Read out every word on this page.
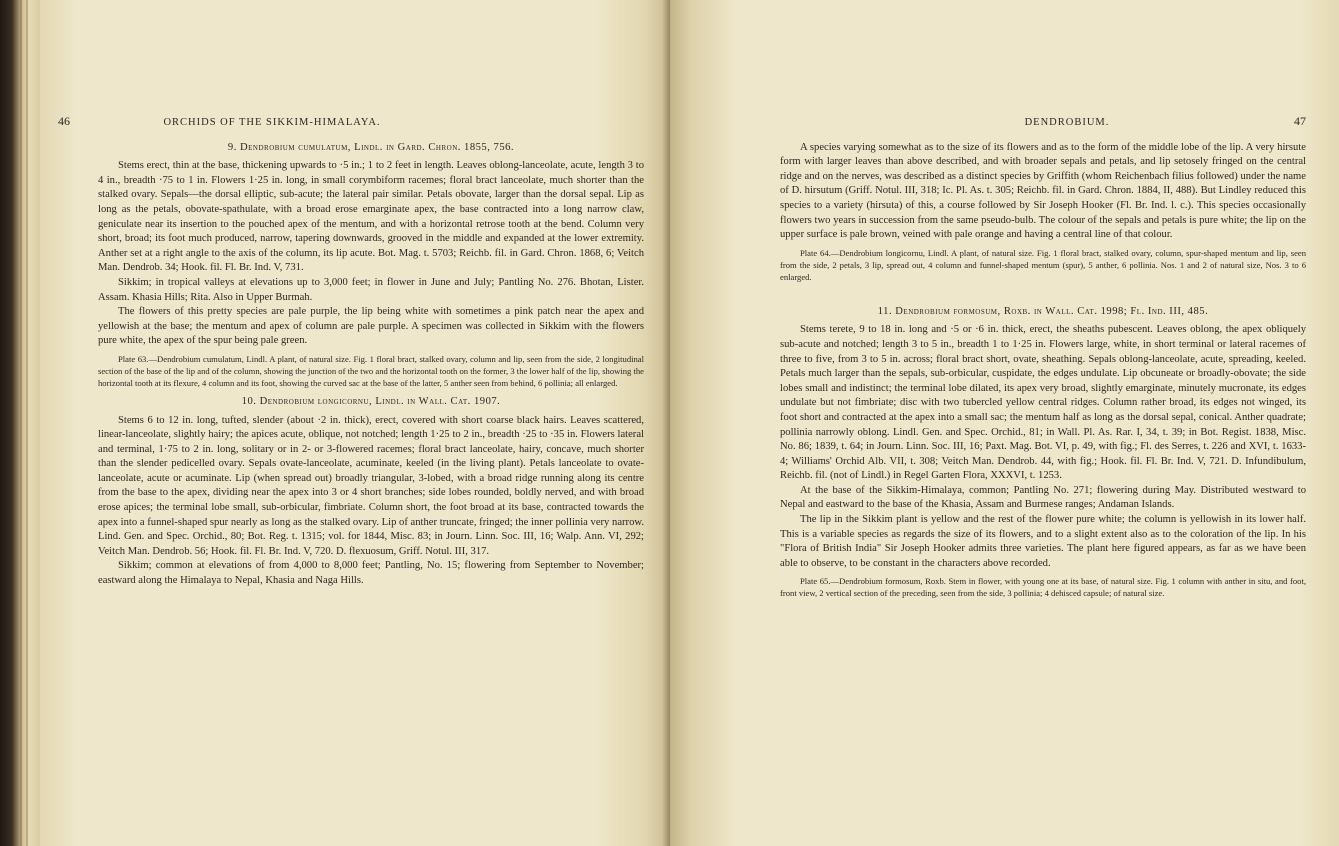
46	ORCHIDS OF THE SIKKIM-HIMALAYA.
9. Dendrobium cumulatum, Lindl. in Gard. Chron. 1855, 756.

Stems erect, thin at the base, thickening upwards to ·5 in.; 1 to 2 feet in length. Leaves oblong-lanceolate, acute, length 3 to 4 in., breadth ·75 to 1 in. Flowers 1·25 in. long, in small corymbiform racemes; floral bract lanceolate, much shorter than the stalked ovary. Sepals—the dorsal elliptic, sub-acute; the lateral pair similar. Petals obovate, larger than the dorsal sepal. Lip as long as the petals, obovate-spathulate, with a broad erose emarginate apex, the base contracted into a long narrow claw, geniculate near its insertion to the pouched apex of the mentum, and with a horizontal retrose tooth at the bend. Column very short, broad; its foot much produced, narrow, tapering downwards, grooved in the middle and expanded at the lower extremity. Anther set at a right angle to the axis of the column, its lip acute. Bot. Mag. t. 5703; Reichb. fil. in Gard. Chron. 1868, 6; Veitch Man. Dendrob. 34; Hook. fil. Fl. Br. Ind. V, 731.

Sikkim; in tropical valleys at elevations up to 3,000 feet; in flower in June and July; Pantling No. 276. Bhotan, Lister. Assam. Khasia Hills; Rita. Also in Upper Burmah.

The flowers of this pretty species are pale purple, the lip being white with sometimes a pink patch near the apex and yellowish at the base; the mentum and apex of column are pale purple. A specimen was collected in Sikkim with the flowers pure white, the apex of the spur being pale green.

Plate 63.—Dendrobium cumulatum, Lindl. A plant, of natural size. Fig. 1 floral bract, stalked ovary, column and lip, seen from the side, 2 longitudinal section of the base of the lip and of the column, showing the junction of the two and the horizontal tooth on the former, 3 the lower half of the lip, showing the horizontal tooth at its flexure, 4 column and its foot, showing the curved sac at the base of the latter, 5 anther seen from behind, 6 pollinia; all enlarged.
10. Dendrobium longicornu, Lindl. in Wall. Cat. 1907.

Stems 6 to 12 in. long, tufted, slender (about ·2 in. thick), erect, covered with short coarse black hairs. Leaves scattered, linear-lanceolate, slightly hairy; the apices acute, oblique, not notched; length 1·25 to 2 in., breadth ·25 to ·35 in. Flowers lateral and terminal, 1·75 to 2 in. long, solitary or in 2- or 3-flowered racemes; floral bract lanceolate, hairy, concave, much shorter than the slender pedicelled ovary. Sepals ovate-lanceolate, acuminate, keeled (in the living plant). Petals lanceolate to ovate-lanceolate, acute or acuminate. Lip (when spread out) broadly triangular, 3-lobed, with a broad ridge running along its centre from the base to the apex, dividing near the apex into 3 or 4 short branches; side lobes rounded, boldly nerved, and with broad erose apices; the terminal lobe small, sub-orbicular, fimbriate. Column short, the foot broad at its base, contracted towards the apex into a funnel-shaped spur nearly as long as the stalked ovary. Lip of anther truncate, fringed; the inner pollinia very narrow. Lind. Gen. and Spec. Orchid., 80; Bot. Reg. t. 1315; vol. for 1844, Misc. 83; in Journ. Linn. Soc. III, 16; Walp. Ann. VI, 292; Veitch Man. Dendrob. 56; Hook. fil. Fl. Br. Ind. V, 720. D. flexuosum, Griff. Notul. III, 317.

Sikkim; common at elevations of from 4,000 to 8,000 feet; Pantling, No. 15; flowering from September to November; eastward along the Himalaya to Nepal, Khasia and Naga Hills.

DENDROBIUM.	47

A species varying somewhat as to the size of its flowers and as to the form of the middle lobe of the lip. A very hirsute form with larger leaves than above described, and with broader sepals and petals, and lip setosely fringed on the central ridge and on the nerves, was described as a distinct species by Griffith (whom Reichenbach filius followed) under the name of D. hirsutum (Griff. Notul. III, 318; Ic. Pl. As. t. 305; Reichb. fil. in Gard. Chron. 1884, II, 488). But Lindley reduced this species to a variety (hirsuta) of this, a course followed by Sir Joseph Hooker (Fl. Br. Ind. l. c.). This species occasionally flowers two years in succession from the same pseudo-bulb. The colour of the sepals and petals is pure white; the lip on the upper surface is pale brown, veined with pale orange and having a central line of that colour.

Plate 64.—Dendrobium longicornu, Lindl. A plant, of natural size. Fig. 1 floral bract, stalked ovary, column, spur-shaped mentum and lip, seen from the side, 2 petals, 3 lip, spread out, 4 column and funnel-shaped mentum (spur), 5 anther, 6 pollinia. Nos. 1 and 2 of natural size, Nos. 3 to 6 enlarged.
11. Dendrobium formosum, Roxb. in Wall. Cat. 1998; Fl. Ind. III, 485.

Stems terete, 9 to 18 in. long and ·5 or ·6 in. thick, erect, the sheaths pubescent. Leaves oblong, the apex obliquely sub-acute and notched; length 3 to 5 in., breadth 1 to 1·25 in. Flowers large, white, in short terminal or lateral racemes of three to five, from 3 to 5 in. across; floral bract short, ovate, sheathing. Sepals oblong-lanceolate, acute, spreading, keeled. Petals much larger than the sepals, sub-orbicular, cuspidate, the edges undulate. Lip obcuneate or broadly-obovate; the side lobes small and indistinct; the terminal lobe dilated, its apex very broad, slightly emarginate, minutely mucronate, its edges undulate but not fimbriate; disc with two tubercled yellow central ridges. Column rather broad, its edges not winged, its foot short and contracted at the apex into a small sac; the mentum half as long as the dorsal sepal, conical. Anther quadrate; pollinia narrowly oblong. Lindl. Gen. and Spec. Orchid., 81; in Wall. Pl. As. Rar. I, 34, t. 39; in Bot. Regist. 1838, Misc. No. 86; 1839, t. 64; in Journ. Linn. Soc. III, 16; Paxt. Mag. Bot. VI, p. 49, with fig.; Fl. des Serres, t. 226 and XVI, t. 1633-4; Williams' Orchid Alb. VII, t. 308; Veitch Man. Dendrob. 44, with fig.; Hook. fil. Fl. Br. Ind. V, 721. D. Infundibulum, Reichb. fil. (not of Lindl.) in Regel Garten Flora, XXXVI, t. 1253.

At the base of the Sikkim-Himalaya, common; Pantling No. 271; flowering during May. Distributed westward to Nepal and eastward to the base of the Khasia, Assam and Burmese ranges; Andaman Islands.

The lip in the Sikkim plant is yellow and the rest of the flower pure white; the column is yellowish in its lower half. This is a variable species as regards the size of its flowers, and to a slight extent also as to the coloration of the lip. In his "Flora of British India" Sir Joseph Hooker admits three varieties. The plant here figured appears, as far as we have been able to observe, to be constant in the characters above recorded.

Plate 65.—Dendrobium formosum, Roxb. Stem in flower, with young one at its base, of natural size. Fig. 1 column with anther in situ, and foot, front view, 2 vertical section of the preceding, seen from the side, 3 pollinia; 4 dehisced capsule; of natural size.
